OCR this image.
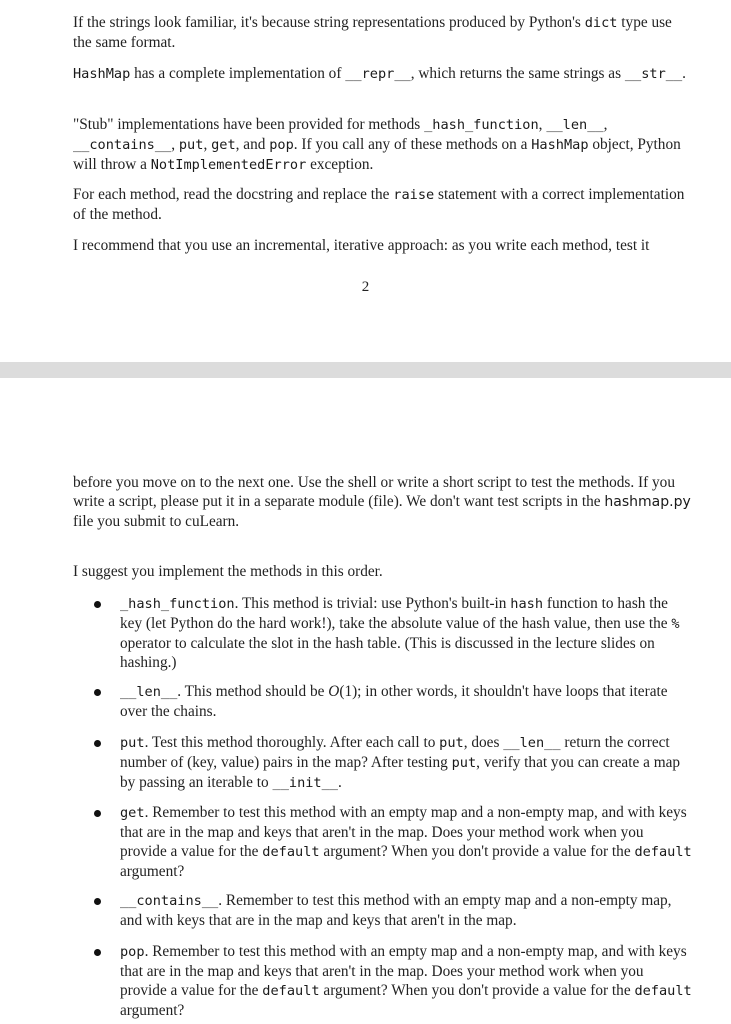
If the strings look familiar, it's because string representations produced by Python's dict type use the same format.

HashMap has a complete implementation of __repr__, which returns the same strings as __str__.

"Stub" implementations have been provided for methods _hash_function, __len__, __contains__, put, get, and pop. If you call any of these methods on a HashMap object, Python will throw a NotImplementedError exception.

For each method, read the docstring and replace the raise statement with a correct implementation of the method.

I recommend that you use an incremental, iterative approach: as you write each method, test it

2

before you move on to the next one. Use the shell or write a short script to test the methods. If you write a script, please put it in a separate module (file). We don't want test scripts in the hashmap.py file you submit to cuLearn.

I suggest you implement the methods in this order.

_hash_function. This method is trivial: use Python's built-in hash function to hash the key (let Python do the hard work!), take the absolute value of the hash value, then use the % operator to calculate the slot in the hash table. (This is discussed in the lecture slides on hashing.)

__len__. This method should be O(1); in other words, it shouldn't have loops that iterate over the chains.

put. Test this method thoroughly. After each call to put, does __len__ return the correct number of (key, value) pairs in the map? After testing put, verify that you can create a map by passing an iterable to __init__.

get. Remember to test this method with an empty map and a non-empty map, and with keys that are in the map and keys that aren't in the map. Does your method work when you provide a value for the default argument? When you don't provide a value for the default argument?

__contains__. Remember to test this method with an empty map and a non-empty map, and with keys that are in the map and keys that aren't in the map.

pop. Remember to test this method with an empty map and a non-empty map, and with keys that are in the map and keys that aren't in the map. Does your method work when you provide a value for the default argument? When you don't provide a value for the default argument?
